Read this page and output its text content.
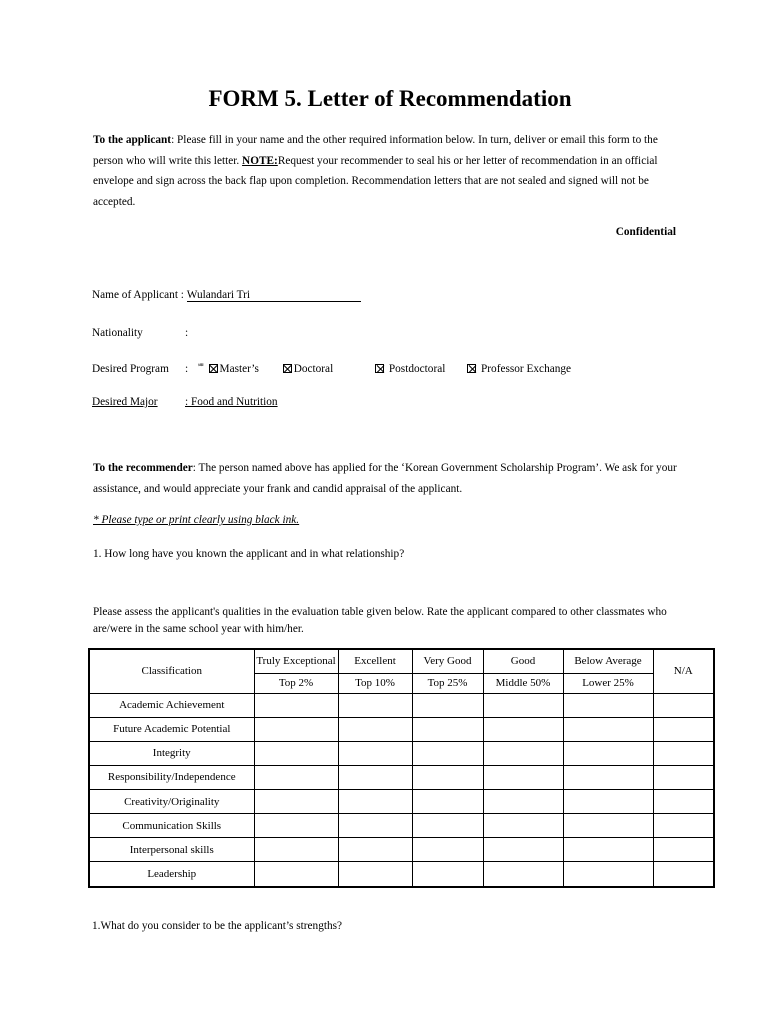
FORM 5. Letter of Recommendation
To the applicant: Please fill in your name and the other required information below. In turn, deliver or email this form to the person who will write this letter. NOTE:Request your recommender to seal his or her letter of recommendation in an official envelope and sign across the back flap upon completion. Recommendation letters that are not sealed and signed will not be accepted.
Confidential
Name of Applicant : Wulandari Tri
Nationality	:
Desired Program : ᄈ Master’s	Doctoral	Postdoctoral	Professor Exchange
Desired Major : Food and Nutrition
To the recommender: The person named above has applied for the ‘Korean Government Scholarship Program’. We ask for your assistance, and would appreciate your frank and candid appraisal of the applicant.
* Please type or print clearly using black ink.
1. How long have you known the applicant and in what relationship?
Please assess the applicant's qualities in the evaluation table given below. Rate the applicant compared to other classmates who are/were in the same school year with him/her.
Classification	Truly Exceptional	Excellent	Very Good	Good	Below Average	N/A
	Top 2%	Top 10%	Top 25%	Middle 50%	Lower 25%	
Academic Achievement						
Future Academic Potential						
Integrity						
Responsibility/Independence						
Creativity/Originality						
Communication Skills						
Interpersonal skills						
Leadership						
1.What do you consider to be the applicant’s strengths?
